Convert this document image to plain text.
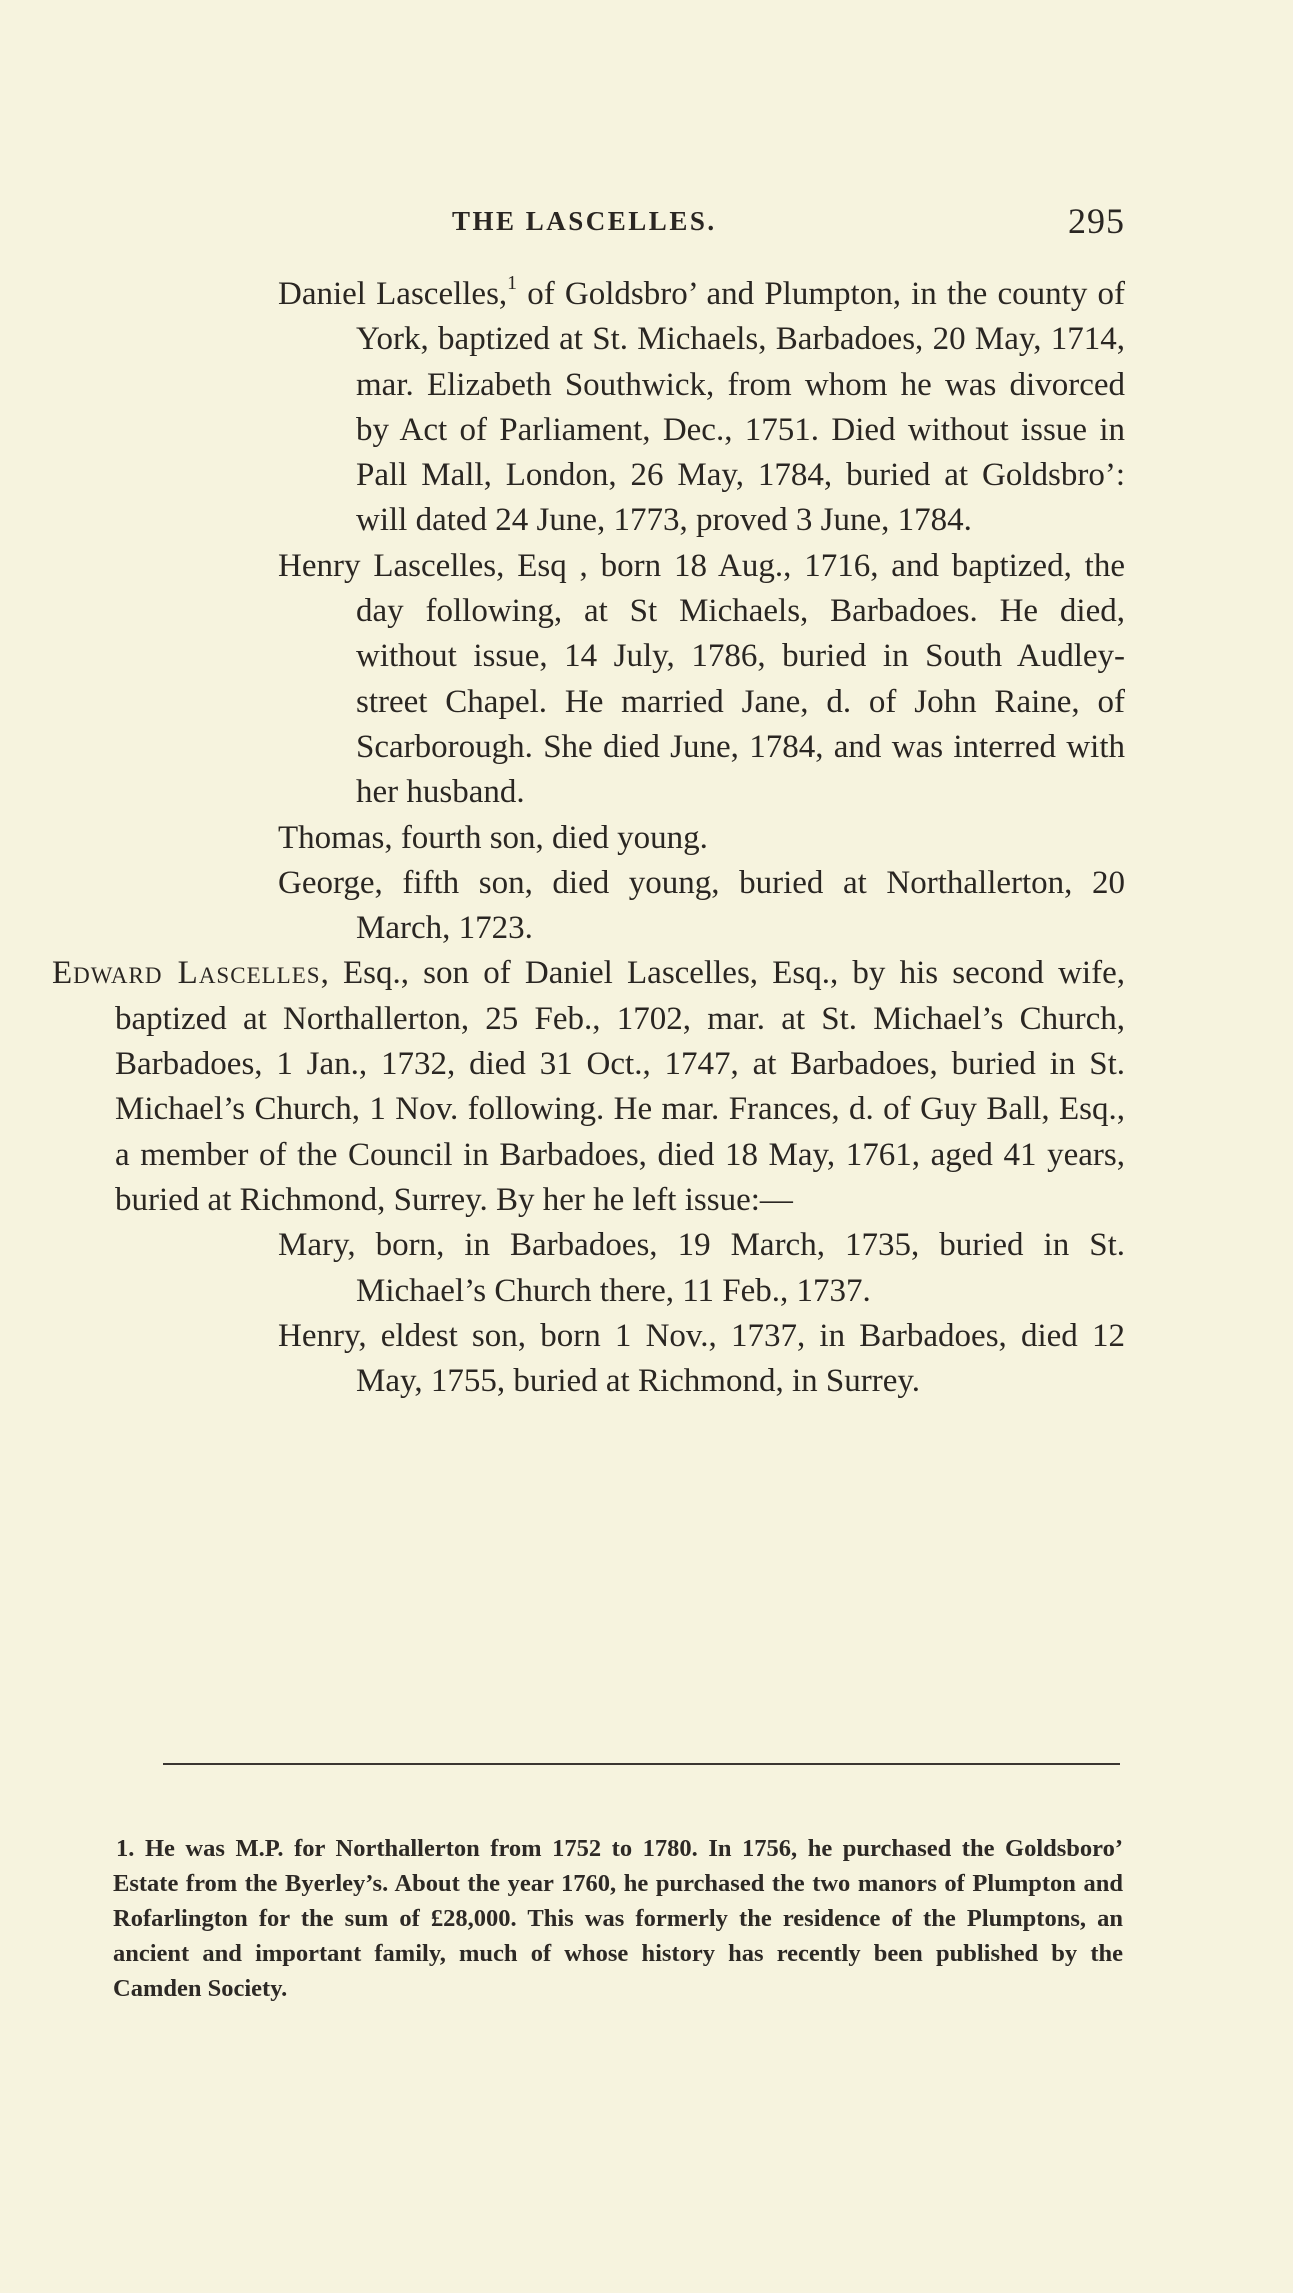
THE LASCELLES.	295

Daniel Lascelles,$^1$ of Goldsbro’ and Plumpton, in the county of York, baptized at St. Michaels, Barbadoes, 20 May, 1714, mar. Elizabeth Southwick, from whom he was divorced by Act of Parliament, Dec., 1751. Died without issue in Pall Mall, London, 26 May, 1784, buried at Goldsbro’: will dated 24 June, 1773, proved 3 June, 1784.

Henry Lascelles, Esq , born 18 Aug., 1716, and baptized, the day following, at St Michaels, Barbadoes. He died, without issue, 14 July, 1786, buried in South Audley-street Chapel. He married Jane, d. of John Raine, of Scarborough. She died June, 1784, and was interred with her husband.

Thomas, fourth son, died young.

George, fifth son, died young, buried at Northallerton, 20 March, 1723.

Edward Lascelles, Esq., son of Daniel Lascelles, Esq., by his second wife, baptized at Northallerton, 25 Feb., 1702, mar. at St. Michael’s Church, Barbadoes, 1 Jan., 1732, died 31 Oct., 1747, at Barbadoes, buried in St. Michael’s Church, 1 Nov. following. He mar. Frances, d. of Guy Ball, Esq., a member of the Council in Barbadoes, died 18 May, 1761, aged 41 years, buried at Richmond, Surrey. By her he left issue:—

Mary, born, in Barbadoes, 19 March, 1735, buried in St. Michael’s Church there, 11 Feb., 1737.

Henry, eldest son, born 1 Nov., 1737, in Barbadoes, died 12 May, 1755, buried at Richmond, in Surrey.

1. He was M.P. for Northallerton from 1752 to 1780. In 1756, he purchased the Goldsboro’ Estate from the Byerley’s. About the year 1760, he purchased the two manors of Plumpton and Rofarlington for the sum of £28,000. This was formerly the residence of the Plumptons, an ancient and important family, much of whose history has recently been published by the Camden Society.
